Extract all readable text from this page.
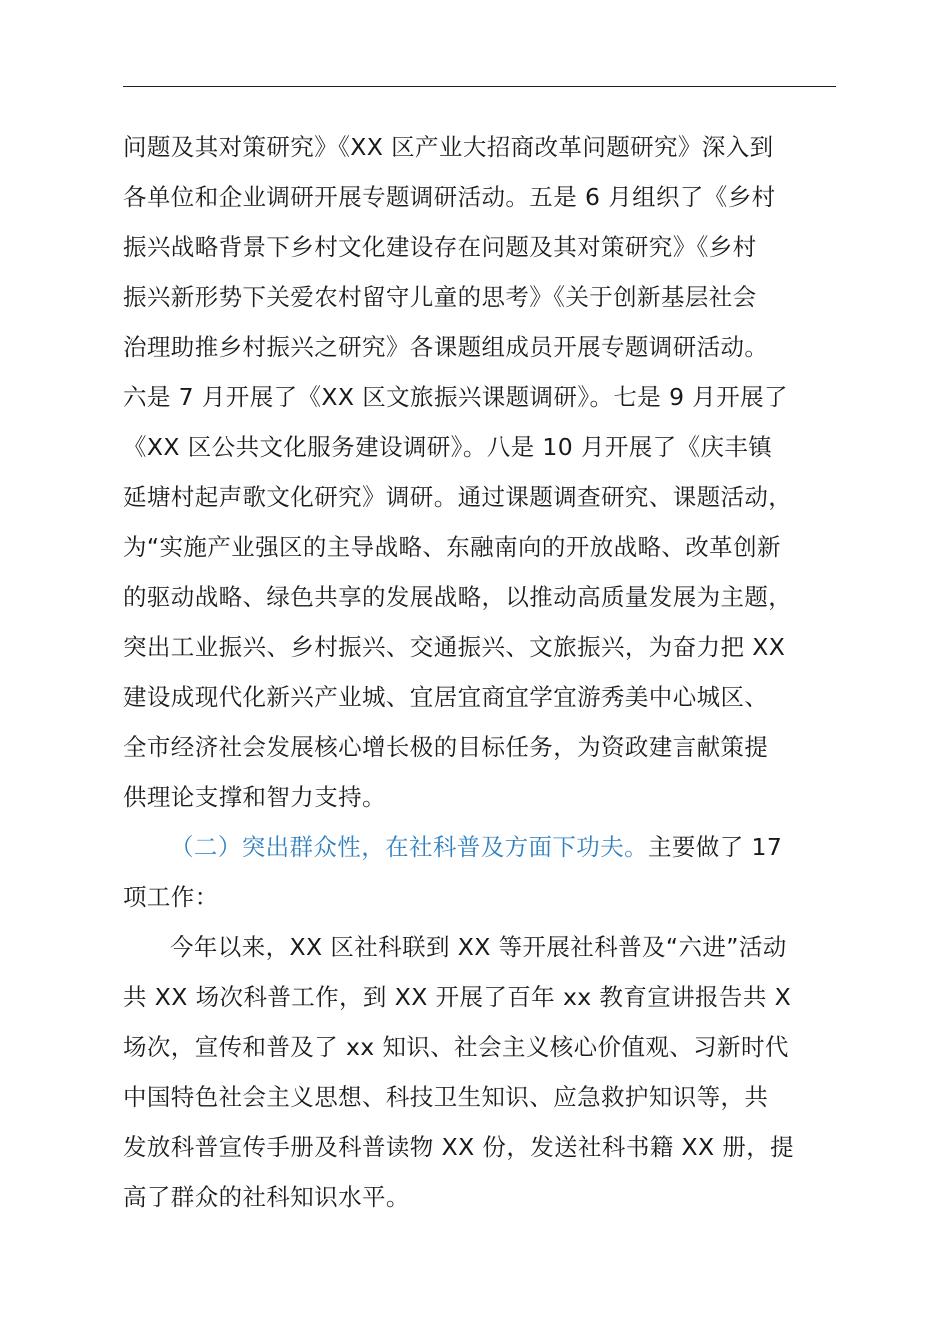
问题及其对策研究》《XX 区产业大招商改革问题研究》深入到
各单位和企业调研开展专题调研活动。五是 6 月组织了《乡村
振兴战略背景下乡村文化建设存在问题及其对策研究》《乡村
振兴新形势下关爱农村留守儿童的思考》《关于创新基层社会
治理助推乡村振兴之研究》各课题组成员开展专题调研活动。
六是 7 月开展了《XX 区文旅振兴课题调研》。七是 9 月开展了
《XX 区公共文化服务建设调研》。八是 10 月开展了《庆丰镇
延塘村起声歌文化研究》调研。通过课题调查研究、课题活动，
为“实施产业强区的主导战略、东融南向的开放战略、改革创新
的驱动战略、绿色共享的发展战略，以推动高质量发展为主题，
突出工业振兴、乡村振兴、交通振兴、文旅振兴，为奋力把 XX
建设成现代化新兴产业城、宜居宜商宜学宜游秀美中心城区、
全市经济社会发展核心增长极的目标任务，为资政建言献策提
供理论支撑和智力支持。
（二）突出群众性，在社科普及方面下功夫。主要做了 17
项工作：
今年以来，XX 区社科联到 XX 等开展社科普及“六进”活动
共 XX 场次科普工作，到 XX 开展了百年 xx 教育宣讲报告共 X
场次，宣传和普及了 xx 知识、社会主义核心价值观、习新时代
中国特色社会主义思想、科技卫生知识、应急救护知识等，共
发放科普宣传手册及科普读物 XX 份，发送社科书籍 XX 册，提
高了群众的社科知识水平。
